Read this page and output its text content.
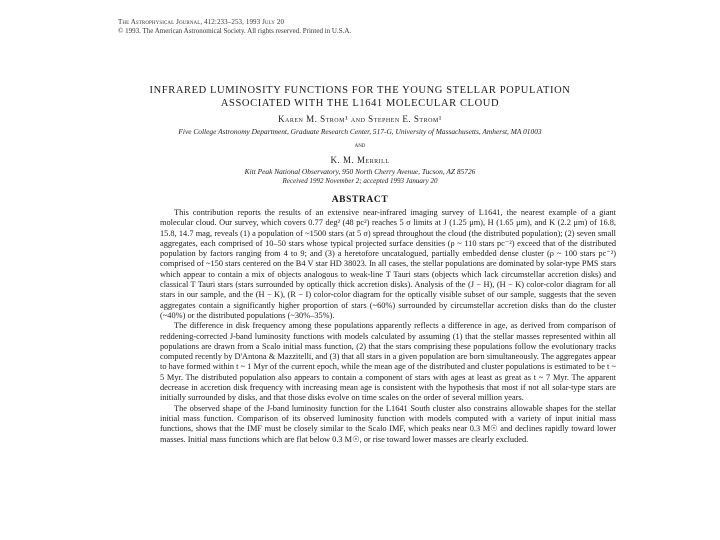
The Astrophysical Journal, 412:233–253, 1993 July 20
© 1993. The American Astronomical Society. All rights reserved. Printed in U.S.A.
INFRARED LUMINOSITY FUNCTIONS FOR THE YOUNG STELLAR POPULATION
ASSOCIATED WITH THE L1641 MOLECULAR CLOUD
Karen M. Strom¹ and Stephen E. Strom¹
Five College Astronomy Department, Graduate Research Center, 517-G, University of Massachusetts, Amherst, MA 01003
and
K. M. Merrill
Kitt Peak National Observatory, 950 North Cherry Avenue, Tucson, AZ 85726
Received 1992 November 2; accepted 1993 January 20
ABSTRACT

This contribution reports the results of an extensive near-infrared imaging survey of L1641, the nearest example of a giant molecular cloud. Our survey, which covers 0.77 deg² (48 pc²) reaches 5 σ limits at J (1.25 μm), H (1.65 μm), and K (2.2 μm) of 16.8, 15.8, 14.7 mag, reveals (1) a population of ~1500 stars (at 5 σ) spread throughout the cloud (the distributed population); (2) seven small aggregates, each comprised of 10–50 stars whose typical projected surface densities (ρ ~ 110 stars pc⁻²) exceed that of the distributed population by factors ranging from 4 to 9; and (3) a heretofore uncatalogued, partially embedded dense cluster (ρ ~ 100 stars pc⁻²) comprised of ~150 stars centered on the B4 V star HD 38023. In all cases, the stellar populations are dominated by solar-type PMS stars which appear to contain a mix of objects analogous to weak-line T Tauri stars (objects which lack circumstellar accretion disks) and classical T Tauri stars (stars surrounded by optically thick accretion disks). Analysis of the (J − H), (H − K) color-color diagram for all stars in our sample, and the (H − K), (R − I) color-color diagram for the optically visible subset of our sample, suggests that the seven aggregates contain a significantly higher proportion of stars (~60%) surrounded by circumstellar accretion disks than do the cluster (~40%) or the distributed populations (~30%–35%).

The difference in disk frequency among these populations apparently reflects a difference in age, as derived from comparison of reddening-corrected J-band luminosity functions with models calculated by assuming (1) that the stellar masses represented within all populations are drawn from a Scalo initial mass function, (2) that the stars comprising these populations follow the evolutionary tracks computed recently by D'Antona & Mazzitelli, and (3) that all stars in a given population are born simultaneously. The aggregates appear to have formed within t ~ 1 Myr of the current epoch, while the mean age of the distributed and cluster populations is estimated to be t ~ 5 Myr. The distributed population also appears to contain a component of stars with ages at least as great as t ~ 7 Myr. The apparent decrease in accretion disk frequency with increasing mean age is consistent with the hypothesis that most if not all solar-type stars are initially surrounded by disks, and that those disks evolve on time scales on the order of several million years.

The observed shape of the J-band luminosity function for the L1641 South cluster also constrains allowable shapes for the stellar initial mass function. Comparison of its observed luminosity function with models computed with a variety of input initial mass functions, shows that the IMF must be closely similar to the Scalo IMF, which peaks near 0.3 M☉ and declines rapidly toward lower masses. Initial mass functions which are flat below 0.3 M☉, or rise toward lower masses are clearly excluded.
